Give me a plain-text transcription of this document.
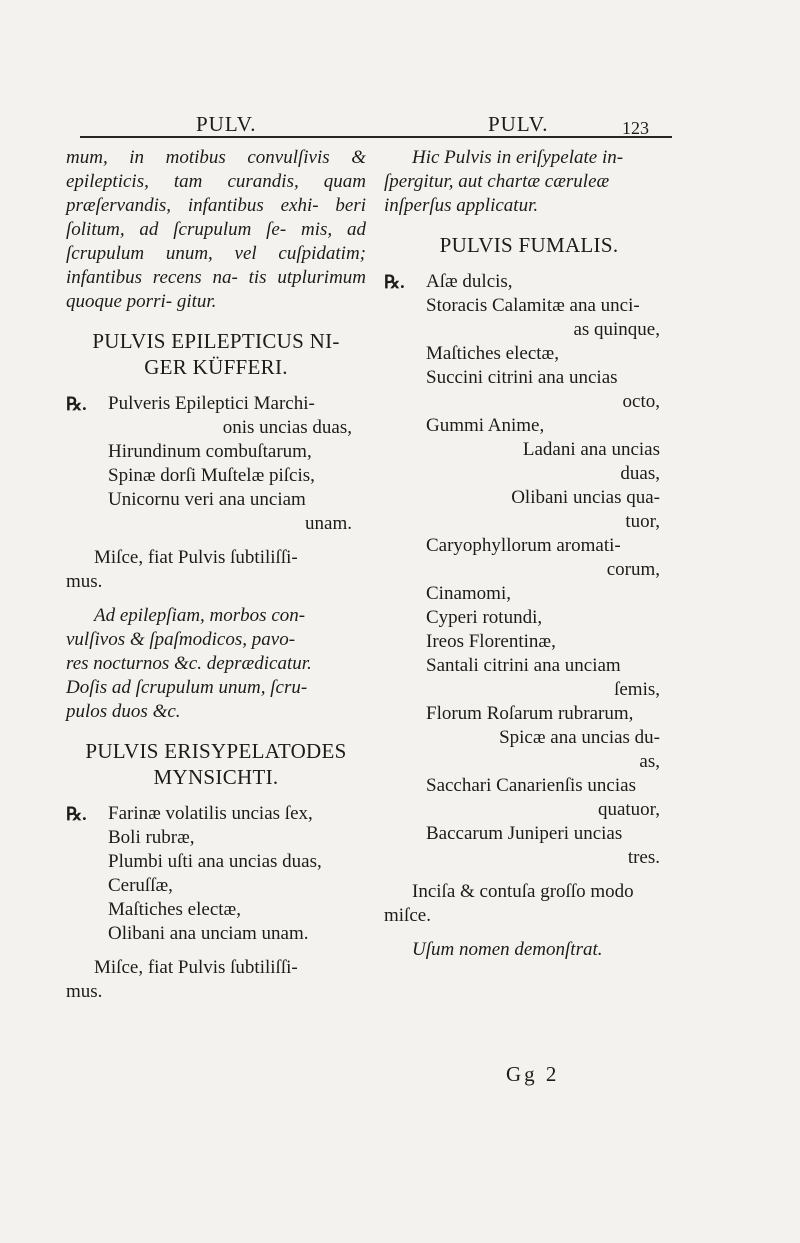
PULV.	PULV.	123

mum, in motibus convulſivis & epilepticis, tam curandis, quam præſervandis, infantibus exhi- beri ſolitum, ad ſcrupulum ſe- mis, ad ſcrupulum unum, vel cuſpidatim; infantibus recens na- tis utplurimum quoque porri- gitur.

PULVIS EPILEPTICUS NI-
GER KÜFFERI.
℞.	Pulveris Epileptici Marchi-
onis uncias duas,
Hirundinum combuſtarum,
Spinæ dorſi Muſtelæ piſcis,
Unicornu veri ana unciam
unam.

Miſce, fiat Pulvis ſubtiliſſi-
mus.

Ad epilepſiam, morbos con-
vulſivos & ſpaſmodicos, pavo-
res nocturnos &c. deprædicatur.
Doſis ad ſcrupulum unum, ſcru-
pulos duos &c.

PULVIS ERISYPELATODES
MYNSICHTI.
℞.	Farinæ volatilis uncias ſex,
Boli rubræ,
Plumbi uſti ana uncias duas,
Ceruſſæ,
Maſtiches electæ,
Olibani ana unciam unam.

Miſce, fiat Pulvis ſubtiliſſi-
mus.

Hic Pulvis in eriſypelate in-
ſpergitur, aut chartæ cæruleæ
inſperſus applicatur.

PULVIS FUMALIS.
℞.	Aſæ dulcis,
Storacis Calamitæ ana unci-
as quinque,
Maſtiches electæ,
Succini citrini ana uncias
octo,
Gummi Anime,
Ladani ana uncias
duas,
Olibani uncias qua-
tuor,
Caryophyllorum aromati-
corum,
Cinamomi,
Cyperi rotundi,
Ireos Florentinæ,
Santali citrini ana unciam
ſemis,
Florum Roſarum rubrarum,
Spicæ ana uncias du-
as,
Sacchari Canarienſis uncias
quatuor,
Baccarum Juniperi uncias
tres.

Inciſa & contuſa groſſo modo
miſce.

Uſum nomen demonſtrat.

Gg 2
